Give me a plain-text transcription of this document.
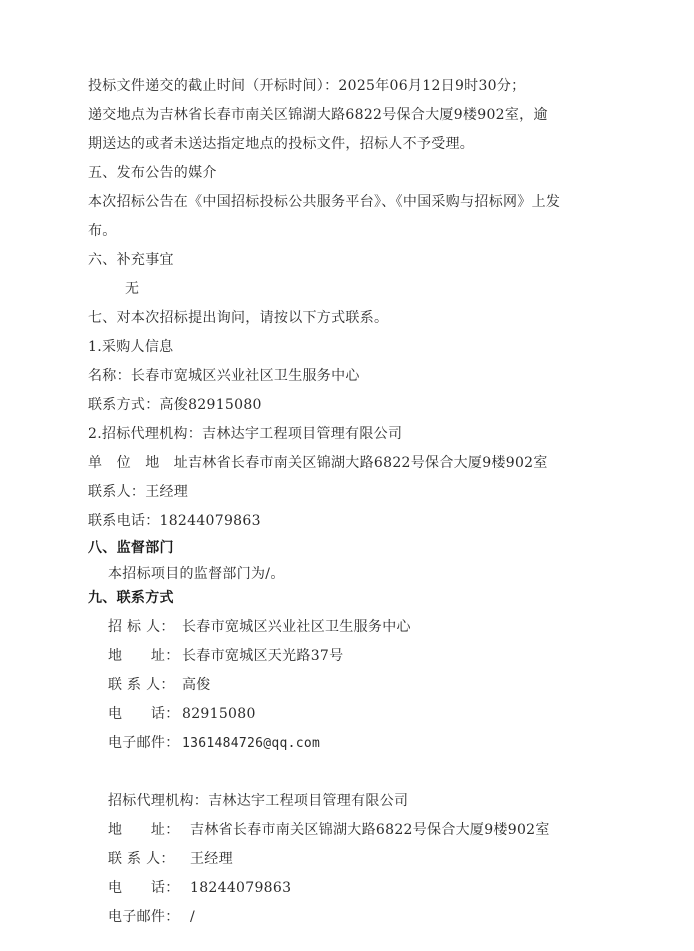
投标文件递交的截止时间（开标时间）：2025年06月12日9时30分；
递交地点为吉林省长春市南关区锦湖大路6822号保合大厦9楼902室，逾
期送达的或者未送达指定地点的投标文件，招标人不予受理。
五、发布公告的媒介
本次招标公告在《中国招标投标公共服务平台》、《中国采购与招标网》上发
布。
六、补充事宜
无
七、对本次招标提出询问，请按以下方式联系。
1.采购人信息
名称：长春市宽城区兴业社区卫生服务中心
联系方式：高俊82915080
2.招标代理机构：吉林达宇工程项目管理有限公司
单　位　地　址：吉林省长春市南关区锦湖大路6822号保合大厦9楼902室
联系人：王经理
联系电话：18244079863
八、监督部门
本招标项目的监督部门为/。
九、联系方式
招 标 人： 长春市宽城区兴业社区卫生服务中心
地　　址： 长春市宽城区天光路37号
联 系 人： 高俊
电　　话： 82915080
电子邮件： 1361484726@qq.com
招标代理机构：吉林达宇工程项目管理有限公司
地　　址： 吉林省长春市南关区锦湖大路6822号保合大厦9楼902室
联 系 人： 王经理
电　　话： 18244079863
电子邮件： /
